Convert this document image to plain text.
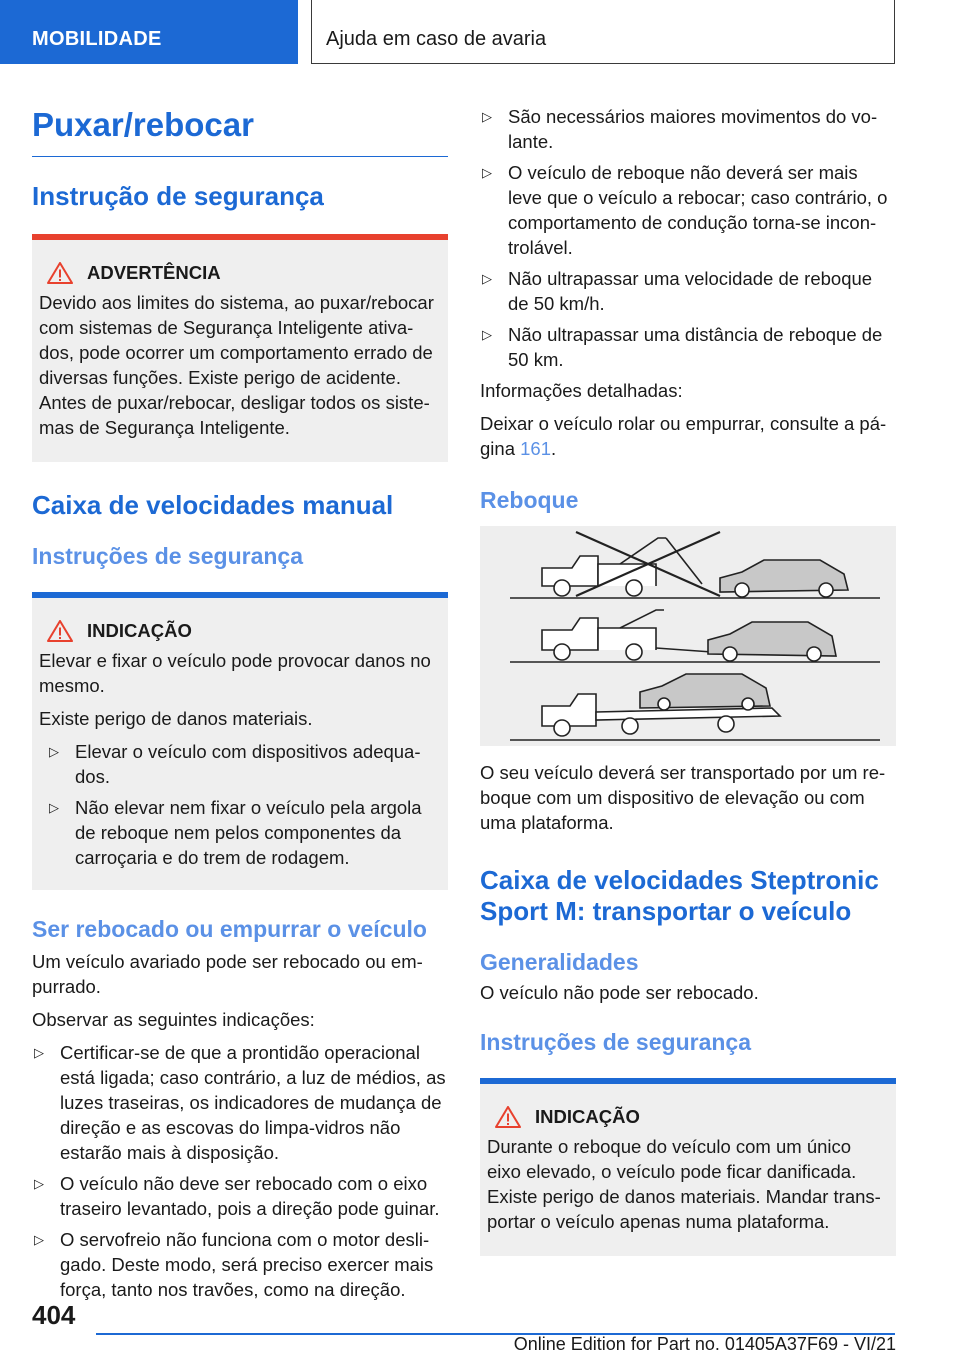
MOBILIDADE	Ajuda em caso de avaria
Puxar/rebocar
Instrução de segurança
ADVERTÊNCIA

Devido aos limites do sistema, ao puxar/rebocar com sistemas de Segurança Inteligente ativados, pode ocorrer um comportamento errado de diversas funções. Existe perigo de acidente. Antes de puxar/rebocar, desligar todos os sistemas de Segurança Inteligente.

Caixa de velocidades manual
Instruções de segurança
INDICAÇÃO

Elevar e fixar o veículo pode provocar danos no mesmo.

Existe perigo de danos materiais.

▷ Elevar o veículo com dispositivos adequados.
▷ Não elevar nem fixar o veículo pela argola de reboque nem pelos componentes da carroçaria e do trem de rodagem.
Ser rebocado ou empurrar o veículo

Um veículo avariado pode ser rebocado ou empurrado.

Observar as seguintes indicações:

▷ Certificar-se de que a prontidão operacional está ligada; caso contrário, a luz de médios, as luzes traseiras, os indicadores de mudança de direção e as escovas do limpa-vidros não estarão mais à disposição.
▷ O veículo não deve ser rebocado com o eixo traseiro levantado, pois a direção pode guinar.
▷ O servofreio não funciona com o motor desligado. Deste modo, será preciso exercer mais força, tanto nos travões, como na direção.
▷ São necessários maiores movimentos do volante.
▷ O veículo de reboque não deverá ser mais leve que o veículo a rebocar; caso contrário, o comportamento de condução torna-se incontrolável.
▷ Não ultrapassar uma velocidade de reboque de 50 km/h.
▷ Não ultrapassar uma distância de reboque de 50 km.

Informações detalhadas:

Deixar o veículo rolar ou empurrar, consulte a página 161.

Reboque

O seu veículo deverá ser transportado por um reboque com um dispositivo de elevação ou com uma plataforma.

Caixa de velocidades Steptronic Sport M: transportar o veículo
Generalidades

O veículo não pode ser rebocado.

Instruções de segurança
INDICAÇÃO

Durante o reboque do veículo com um único eixo elevado, o veículo pode ficar danificada. Existe perigo de danos materiais. Mandar transportar o veículo apenas numa plataforma.

404
Online Edition for Part no. 01405A37F69 - VI/21
